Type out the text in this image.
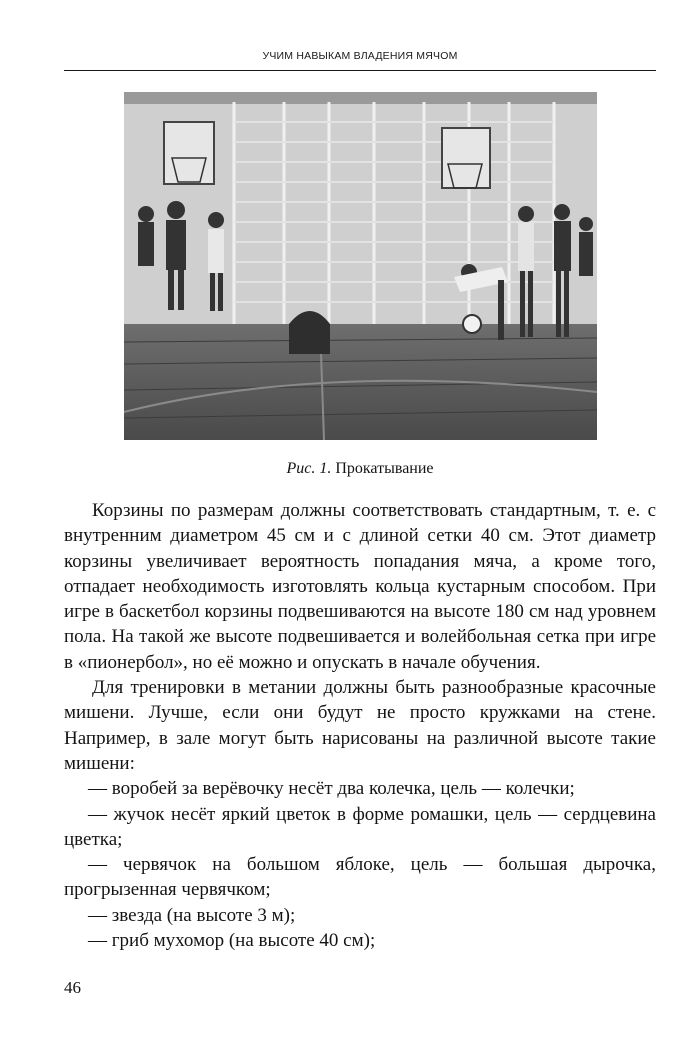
УЧИМ НАВЫКАМ ВЛАДЕНИЯ МЯЧОМ
Рис. 1. Прокатывание

Корзины по размерам должны соответствовать стандартным, т. е. с внутренним диаметром 45 см и с длиной сетки 40 см. Этот диаметр корзины увеличивает вероятность попадания мяча, а кроме того, отпадает необходимость изготовлять кольца кустарным способом. При игре в баскетбол корзины подвешиваются на высоте 180 см над уровнем пола. На такой же высоте подвешивается и волейбольная сетка при игре в «пионербол», но её можно и опускать в начале обучения.

Для тренировки в метании должны быть разнообразные красочные мишени. Лучше, если они будут не просто кружками на стене. Например, в зале могут быть нарисованы на различной высоте такие мишени:

— воробей за верёвочку несёт два колечка, цель — колечки;

— жучок несёт яркий цветок в форме ромашки, цель — сердцевина цветка;

— червячок на большом яблоке, цель — большая дырочка, прогрызенная червячком;

— звезда (на высоте 3 м);

— гриб мухомор (на высоте 40 см);

46
